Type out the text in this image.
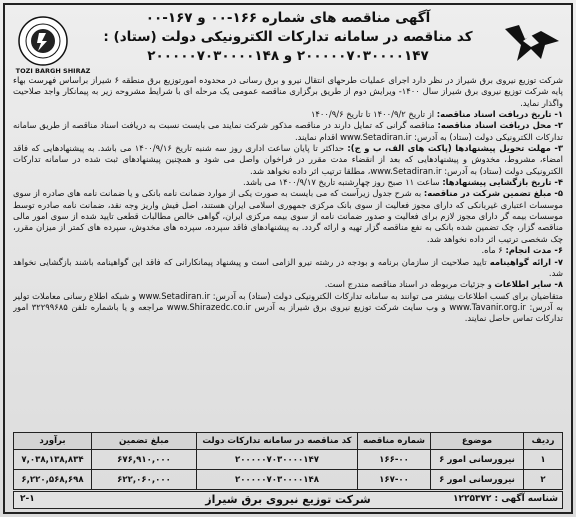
TOZI BARGH SHIRAZ
آگهی مناقصه های شماره ۱۶۶-۰۰ و ۱۶۷-۰۰
کد مناقصه در سامانه تدارکات الکترونیکی دولت (ستاد) :
۲۰۰۰۰۰۷۰۳۰۰۰۰۱۴۷ و ۲۰۰۰۰۰۷۰۳۰۰۰۰۱۴۸

شرکت توزیع نیروی برق شیراز در نظر دارد اجرای عملیات طرحهای انتقال نیرو و برق رسانی در محدوده امورتوزیع برق منطقه ۶ شیراز براساس فهرست بهاء پایه شرکت توزیع نیروی برق شیراز سال ۱۴۰۰- ویرایش دوم از طریق برگزاری مناقصه عمومی یک مرحله ای با شرایط مشروحه زیر به پیمانکار واجد صلاحیت واگذار نماید.

۱- تاریخ دریافت اسناد مناقصه: از تاریخ ۱۴۰۰/۹/۲ تا تاریخ ۱۴۰۰/۹/۶

۲- محل دریافت اسناد مناقصه: مناقصه گرانی که تمایل دارند در مناقصه مذکور شرکت نمایند می بایست نسبت به دریافت اسناد مناقصه از طریق سامانه تدارکات الکترونیکی دولت (ستاد) به آدرس: www.Setadiran.ir اقدام نمایند.

۳- مهلت تحویل پیشنهادها (پاکت های الف، ب و ج): حداکثر تا پایان ساعت اداری روز سه شنبه تاریخ ۱۴۰۰/۹/۱۶ می باشد. به پیشنهادهایی که فاقد امضاء، مشروط، مخدوش و پیشنهادهایی که بعد از انقضاء مدت مقرر در فراخوان واصل می شود و همچنین پیشنهادهای ثبت شده در سامانه تدارکات الکترونیکی دولت (ستاد) به آدرس: www.Setadiran.ir، مطلقا ترتیب اثر داده نخواهد شد.

۴- تاریخ بازگشایی پیشنهادها: ساعت ۱۱ صبح روز چهارشنبه تاریخ ۱۴۰۰/۹/۱۷ می باشد.

۵- مبلغ تضمین شرکت در مناقصه: به شرح جدول زیرآست که می بایست به صورت یکی از موارد ضمانت نامه بانکی و یا ضمانت نامه های صادره از سوی موسسات اعتباری غیربانکی که دارای مجوز فعالیت از سوی بانک مرکزی جمهوری اسلامی ایران هستند، اصل فیش واریز وجه نقد، ضمانت نامه صادره توسط موسسات بیمه گر دارای مجوز لازم برای فعالیت و صدور ضمانت نامه از سوی بیمه مرکزی ایران، گواهی خالص مطالبات قطعی تایید شده از سوی امور مالی مناقصه گزار، چک تضمین شده بانکی به نفع مناقصه گزار تهیه و ارائه گردد. به پیشنهادهای فاقد سپرده، سپرده های مخدوش، سپرده های کمتر از میزان مقرر، چک شخصی ترتیب اثر داده نخواهد شد.

۶- مدت انجام: ۶ ماه.

۷- ارائه گواهینامه تایید صلاحیت از سازمان برنامه و بودجه در رشته نیرو الزامی است و پیشنهاد پیمانکارانی که فاقد این گواهینامه باشند بازگشایی نخواهد شد.

۸- سایر اطلاعات و جزئیات مربوطه در اسناد مناقصه مندرج است.

متقاضیان برای کسب اطلاعات بیشتر می توانند به سامانه تدارکات الکترونیکی دولت (ستاد) به آدرس: www.Setadiran.ir و شبکه اطلاع رسانی معاملات تولیر به آدرس: www.Tavanir.org.ir و وب سایت شرکت توزیع نیروی برق شیراز به آدرس www.Shirazedc.co.ir مراجعه و یا باشماره تلفن ۳۲۲۹۹۶۸۵ امور تدارکات تماس حاصل نمایند.

ردیف	موضوع	شماره مناقصه	کد مناقصه در سامانه تدارکات دولت	مبلغ تضمین	برآورد
۱	نیرورسانی امور ۶	۱۶۶-۰۰	۲۰۰۰۰۰۷۰۳۰۰۰۰۱۴۷	۶۷۶,۹۱۰,۰۰۰	۷,۰۳۸,۱۳۸,۸۳۴
۲	نیرورسانی امور ۶	۱۶۷-۰۰	۲۰۰۰۰۰۷۰۳۰۰۰۰۱۴۸	۶۲۲,۰۶۰,۰۰۰	۶,۲۲۰,۵۶۸,۶۹۸
شناسه آگهی : ۱۲۲۵۳۷۲
شرکت توزیع نیروی برق شیراز
۲-۱
